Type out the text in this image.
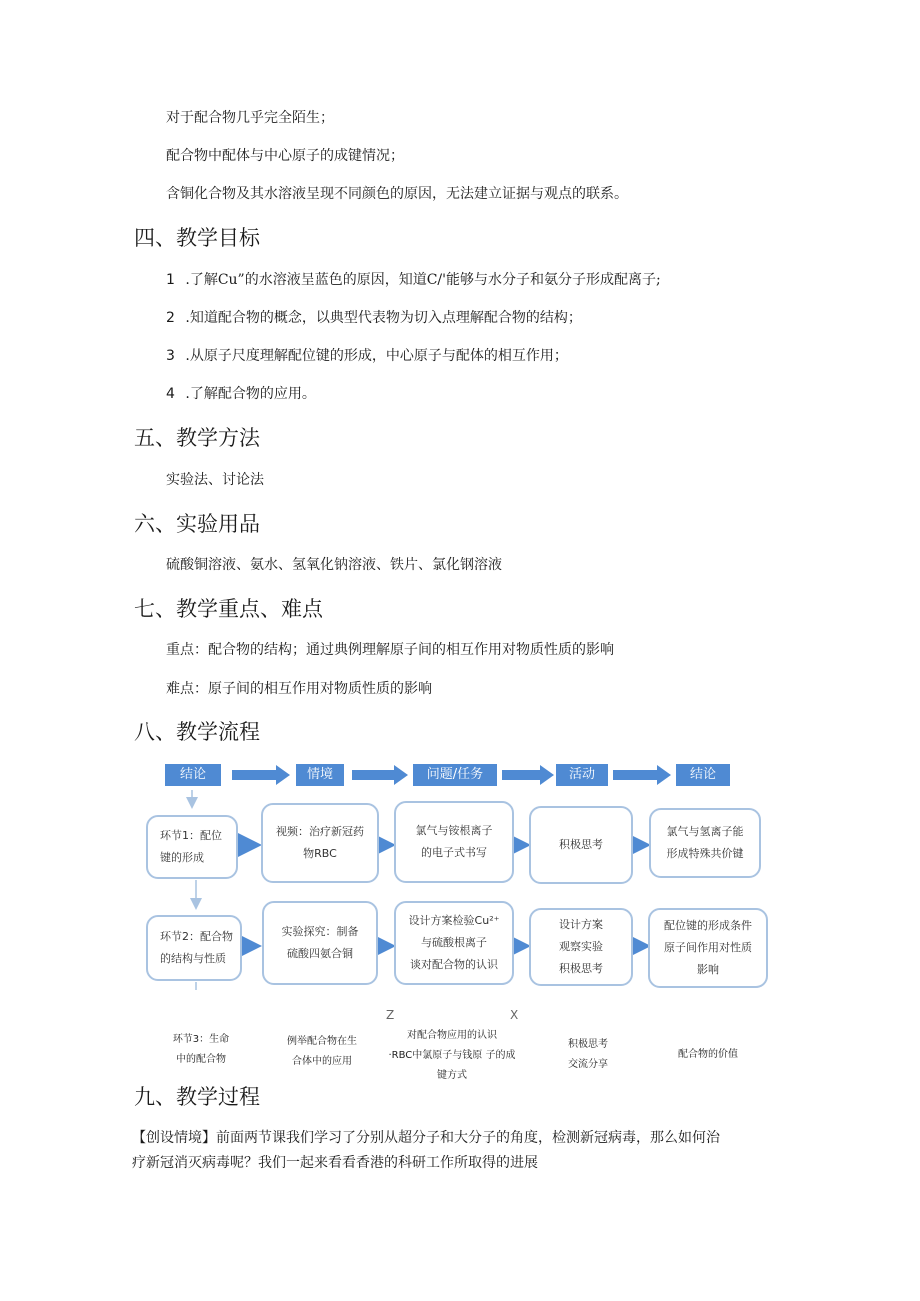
对于配合物几乎完全陌生；
配合物中配体与中心原子的成键情况；
含铜化合物及其水溶液呈现不同颜色的原因，无法建立证据与观点的联系。
四、教学目标
1 .了解Cu”的水溶液呈蓝色的原因，知道C/'能够与水分子和氨分子形成配离子;
2 .知道配合物的概念，以典型代表物为切入点理解配合物的结构；
3 .从原子尺度理解配位键的形成，中心原子与配体的相互作用；
4 .了解配合物的应用。
五、教学方法
实验法、讨论法
六、实验用品
硫酸铜溶液、氨水、氢氧化钠溶液、铁片、氯化钢溶液
七、教学重点、难点
重点：配合物的结构；通过典例理解原子间的相互作用对物质性质的影响
难点：原子间的相互作用对物质性质的影响
八、教学流程
结论	情境	问题/任务	活动	结论
环节1：配位
键的形成
视频：治疗新冠药
物RBC
氯气与铵根离子
的电子式书写
积极思考
氯气与氢离子能
形成特殊共价键
环节2：配合物
的结构与性质
实验探究：制备
硫酸四氨合铜
设计方案检验Cu²⁺
与硫酸根离子
谈对配合物的认识
设计方案
观察实验
积极思考
配位键的形成条件
原子间作用对性质
影响
Z	X
环节3：生命
中的配合物
例举配合物在生
合体中的应用
对配合物应用的认识
·RBC中氯原子与钱原 子的成
键方式
积极思考
交流分享
配合物的价值
九、教学过程
【创设情境】前面两节课我们学习了分别从超分子和大分子的角度，检测新冠病毒，那么如何治
疗新冠消灭病毒呢？我们一起来看看香港的科研工作所取得的进展
